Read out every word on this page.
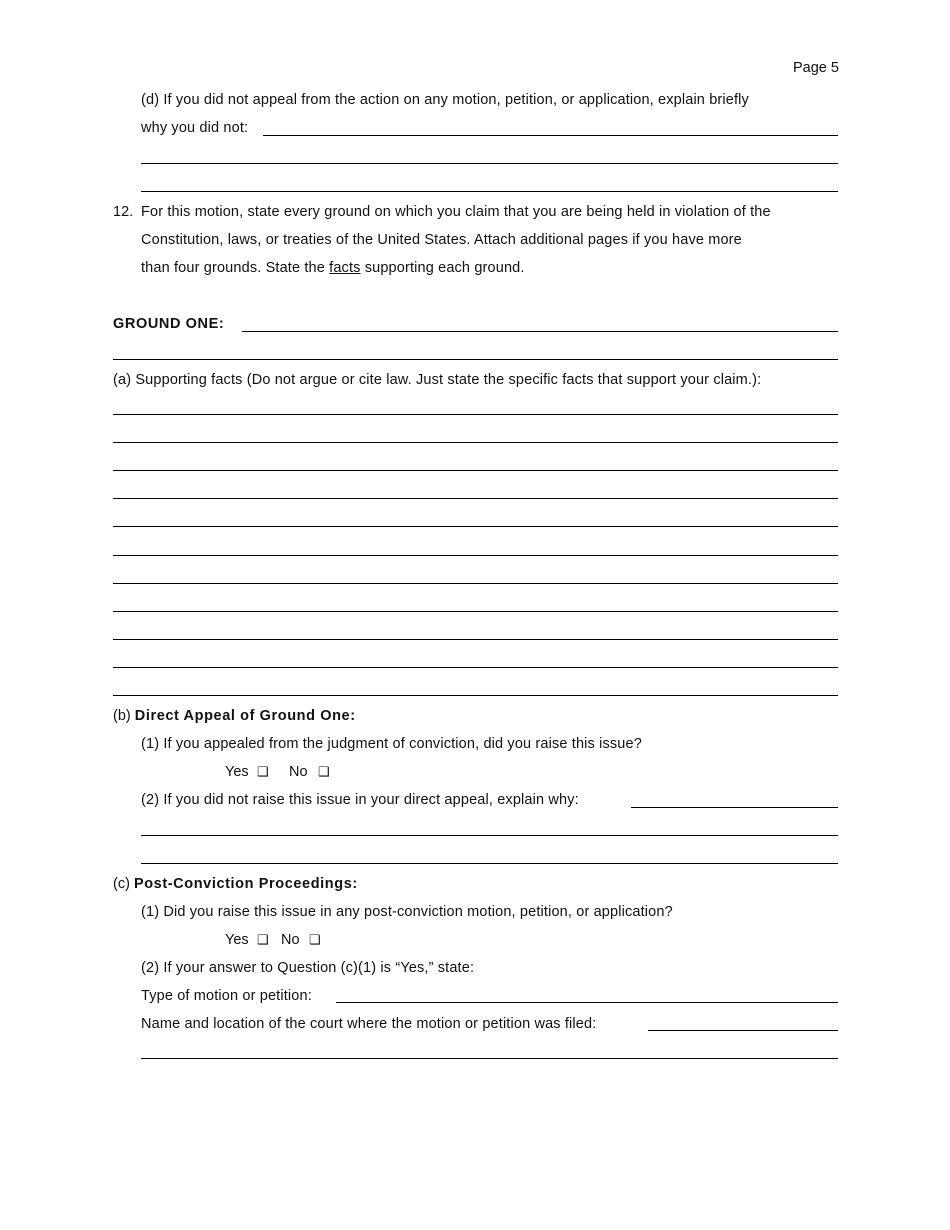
Page 5
(d) If you did not appeal from the action on any motion, petition, or application, explain briefly
why you did not:
12. For this motion, state every ground on which you claim that you are being held in violation of the
Constitution, laws, or treaties of the United States. Attach additional pages if you have more
than four grounds. State the facts supporting each ground.
GROUND ONE:
(a) Supporting facts (Do not argue or cite law. Just state the specific facts that support your claim.):
(b) Direct Appeal of Ground One:
(1) If you appealed from the judgment of conviction, did you raise this issue?
Yes ❑ No ❑
(2) If you did not raise this issue in your direct appeal, explain why:
(c) Post-Conviction Proceedings:
(1) Did you raise this issue in any post-conviction motion, petition, or application?
Yes ❑ No ❑
(2) If your answer to Question (c)(1) is “Yes,” state:
Type of motion or petition:
Name and location of the court where the motion or petition was filed:
